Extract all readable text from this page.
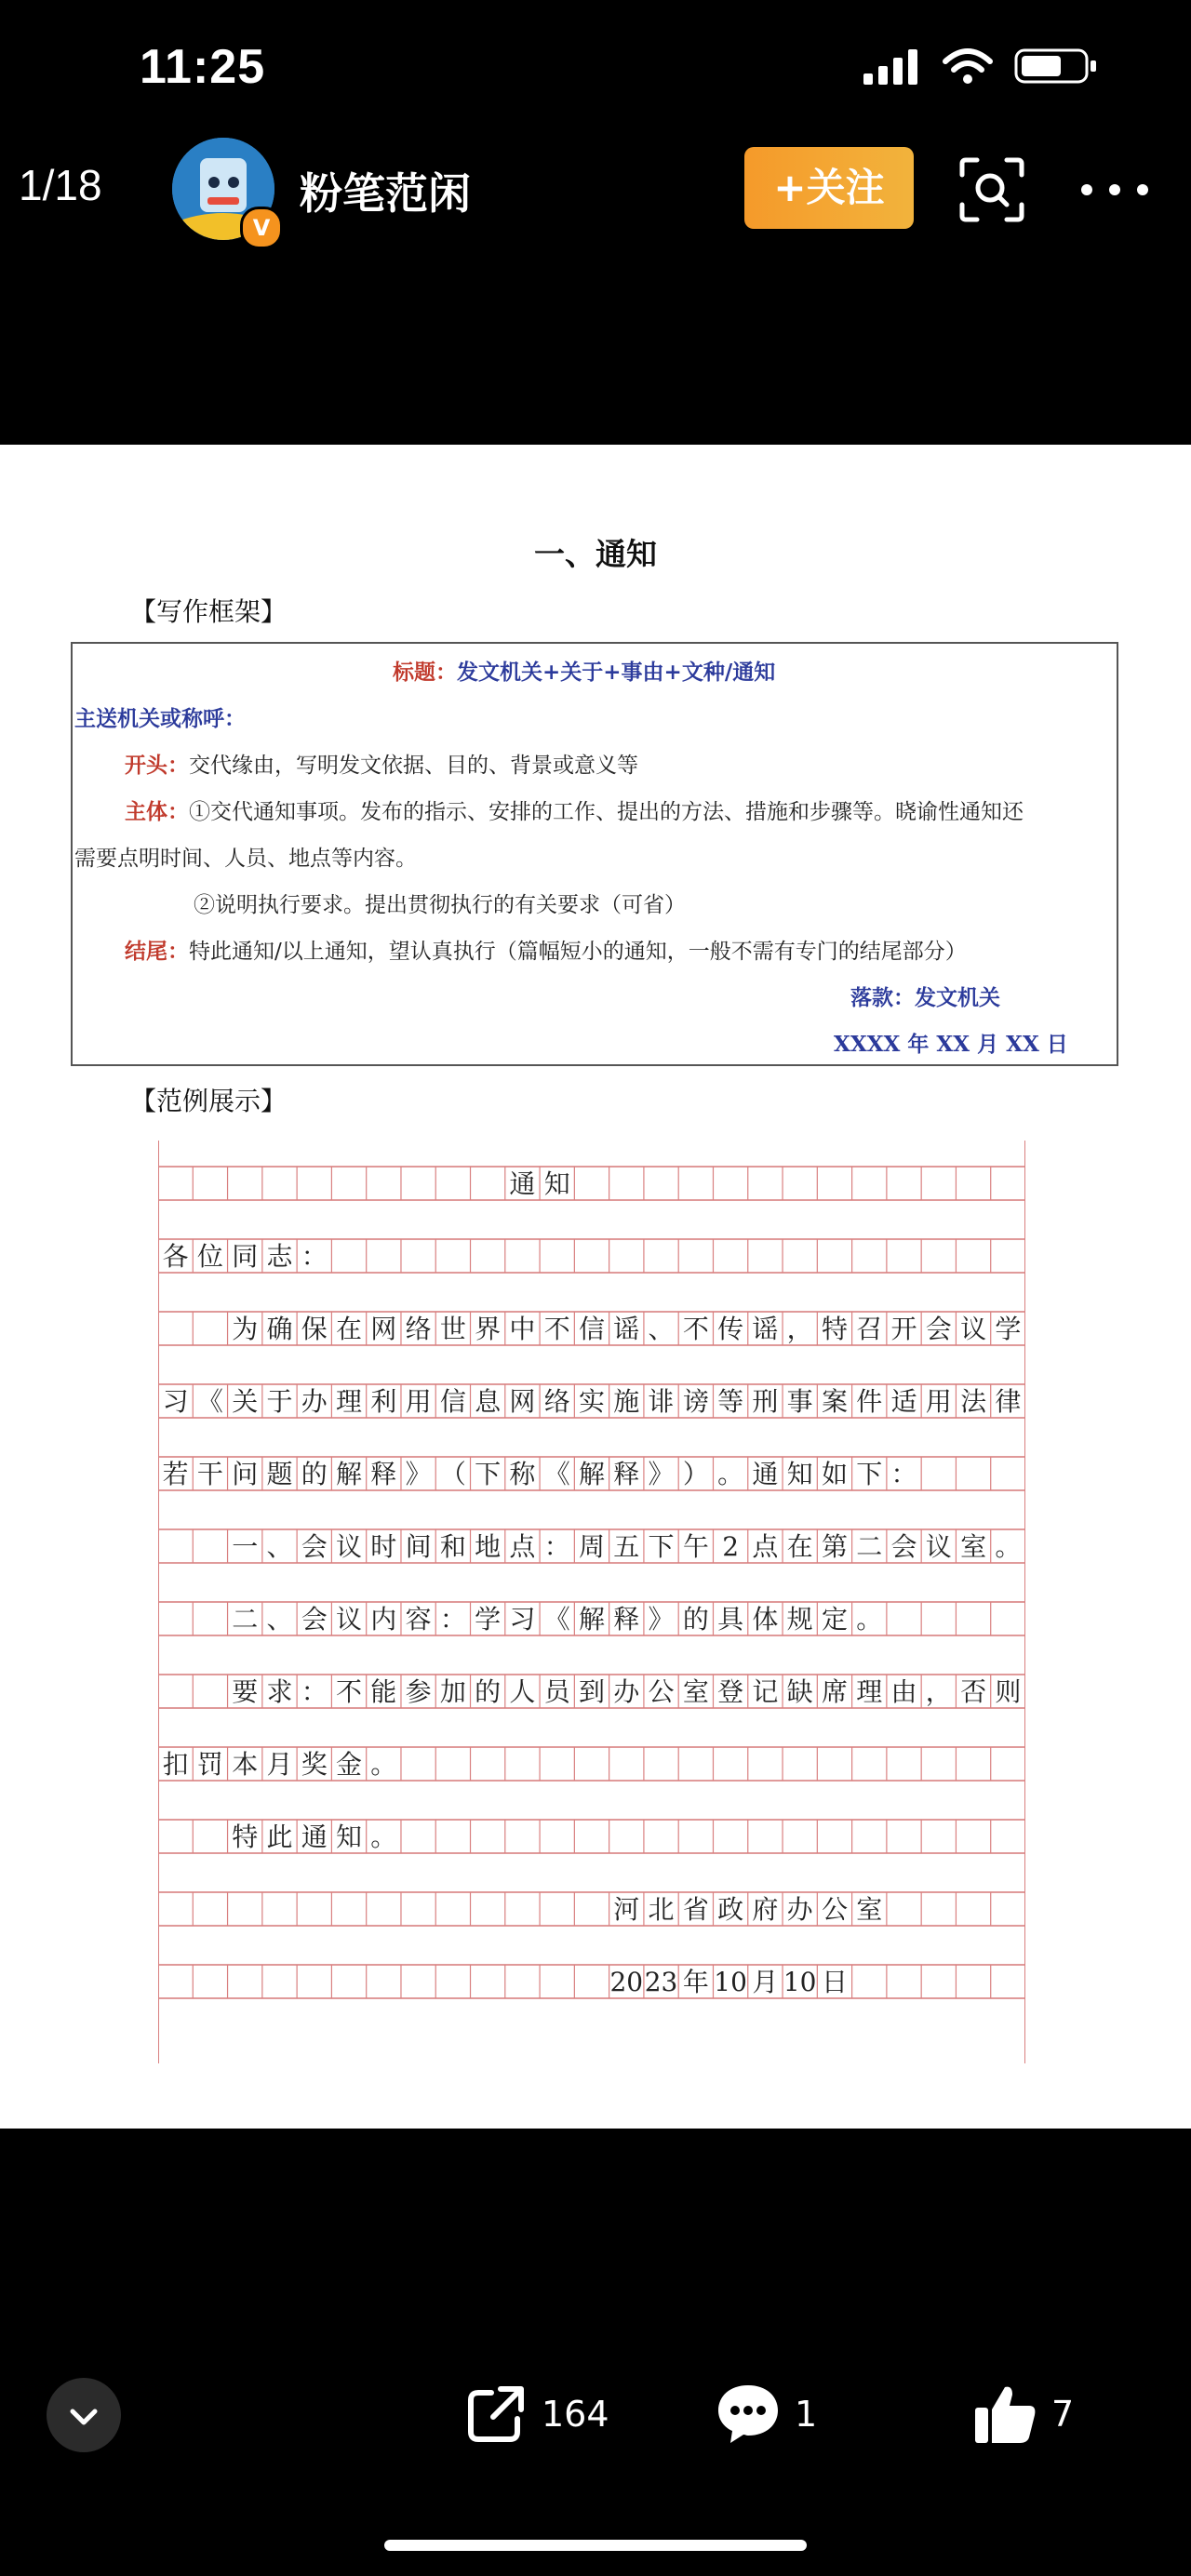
11:25
1/18
V
粉笔范闲	+关注
一、通知
【写作框架】
标题：发文机关+关于+事由+文种/通知
主送机关或称呼：
开头：交代缘由，写明发文依据、目的、背景或意义等
主体：①交代通知事项。发布的指示、安排的工作、提出的方法、措施和步骤等。晓谕性通知还
需要点明时间、人员、地点等内容。
②说明执行要求。提出贯彻执行的有关要求（可省）
结尾：特此通知/以上通知，望认真执行（篇幅短小的通知，一般不需有专门的结尾部分）
落款：发文机关
XXXX 年 XX 月 XX 日
【范例展示】
通 知
各 位 同 志 ：
为 确 保 在 网 络 世 界 中 不 信 谣 、 不 传 谣 ， 特 召 开 会 议 学
习 《 关 于 办 理 利 用 信 息 网 络 实 施 诽 谤 等 刑 事 案 件 适 用 法 律
若 干 问 题 的 解 释 》 （ 下 称 《 解 释 》 ） 。 通 知 如 下 ：
一 、 会 议 时 间 和 地 点 ： 周 五 下 午 2 点 在 第 二 会 议 室 。
二 、 会 议 内 容 ： 学 习 《 解 释 》 的 具 体 规 定 。
要 求 ： 不 能 参 加 的 人 员 到 办 公 室 登 记 缺 席 理 由 ， 否 则
扣 罚 本 月 奖 金 。
特 此 通 知 。
河 北 省 政 府 办 公 室
20 23 年 10 月 10 日
164	1	7
